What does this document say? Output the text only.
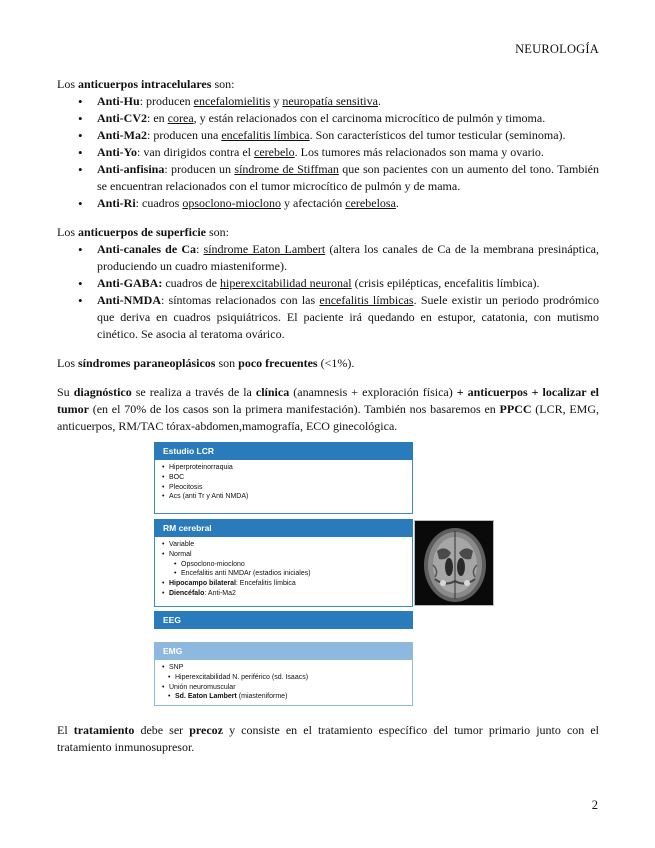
NEUROLOGÍA

Los anticuerpos intracelulares son:

• Anti-Hu: producen encefalomielitis y neuropatía sensitiva.
• Anti-CV2: en corea, y están relacionados con el carcinoma microcítico de pulmón y timoma.
• Anti-Ma2: producen una encefalitis límbica. Son característicos del tumor testicular (seminoma).
• Anti-Yo: van dirigidos contra el cerebelo. Los tumores más relacionados son mama y ovario.
• Anti-anfisina: producen un síndrome de Stiffman que son pacientes con un aumento del tono. También se encuentran relacionados con el tumor microcítico de pulmón y de mama.
• Anti-Ri: cuadros opsoclono-mioclono y afectación cerebelosa.

Los anticuerpos de superficie son:

• Anti-canales de Ca: síndrome Eaton Lambert (altera los canales de Ca de la membrana presináptica, produciendo un cuadro miasteniforme).
• Anti-GABA: cuadros de hiperexcitabilidad neuronal (crisis epilépticas, encefalitis límbica).
• Anti-NMDA: síntomas relacionados con las encefalitis límbicas. Suele existir un periodo prodrómico que deriva en cuadros psiquiátricos. El paciente irá quedando en estupor, catatonia, con mutismo cinético. Se asocia al teratoma ovárico.

Los síndromes paraneoplásicos son poco frecuentes (<1%).

Su diagnóstico se realiza a través de la clínica (anamnesis + exploración física) + anticuerpos + localizar el tumor (en el 70% de los casos son la primera manifestación). También nos basaremos en PPCC (LCR, EMG, anticuerpos, RM/TAC tórax-abdomen,mamografía, ECO ginecológica.

Estudio LCR
• Hiperproteinorraquia
• BOC
• Pleocitosis
• Acs (anti Tr y Anti NMDA)
RM cerebral
• Variable
• Normal
• Opsoclono-mioclono
• Encefalitis anti NMDAr (estadios iniciales)
• Hipocampo bilateral: Encefalitis límbica
• Diencéfalo: Anti-Ma2
EEG
EMG
• SNP
• Hiperexcitabilidad N. periférico (sd. Isaacs)
• Unión neuromuscular
• Sd. Eaton Lambert (miasteniforme)

El tratamiento debe ser precoz y consiste en el tratamiento específico del tumor primario junto con el tratamiento inmunosupresor.

2
